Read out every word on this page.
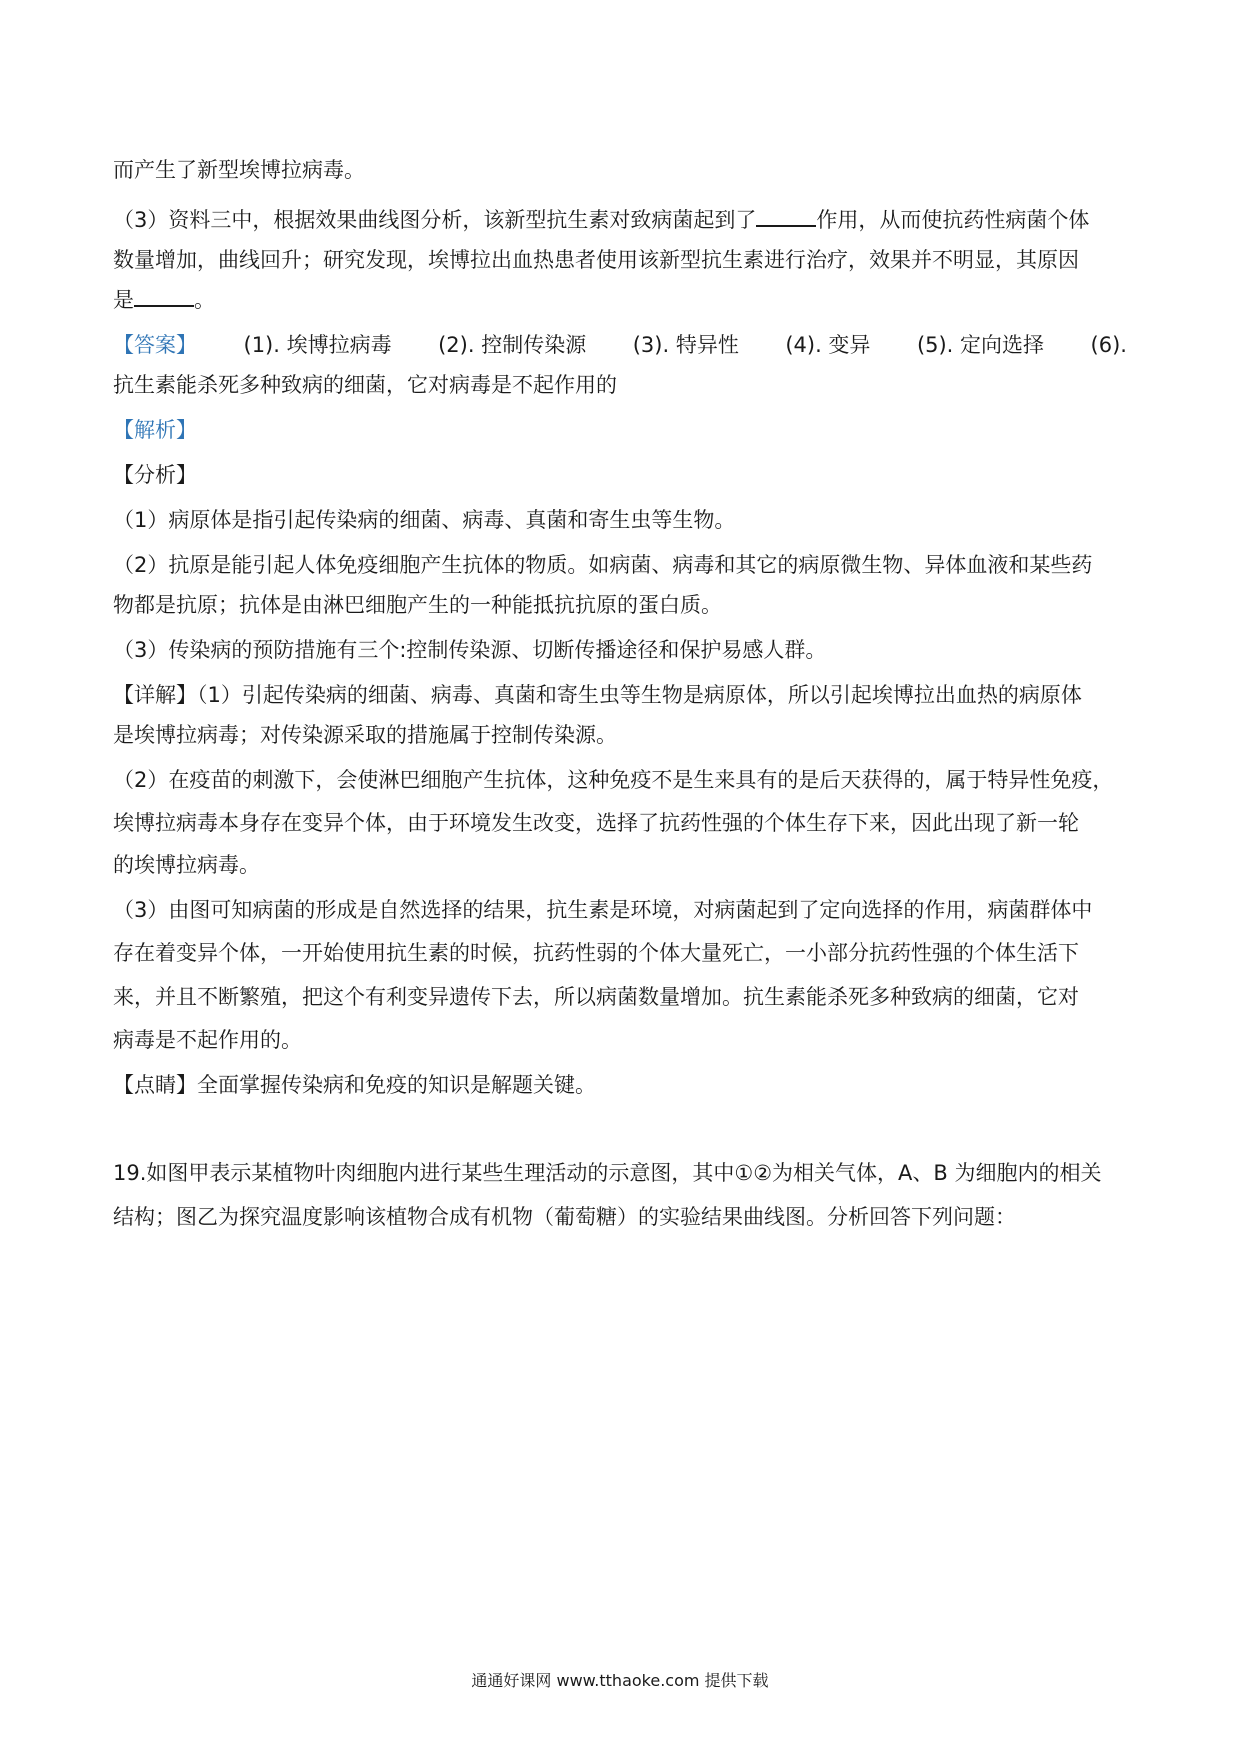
而产生了新型埃博拉病毒。
（3）资料三中，根据效果曲线图分析，该新型抗生素对致病菌起到了	作用，从而使抗药性病菌个体
数量增加，曲线回升；研究发现，埃博拉出血热患者使用该新型抗生素进行治疗，效果并不明显，其原因
是	。
【答案】 (1). 埃博拉病毒 (2). 控制传染源 (3). 特异性 (4). 变异 (5). 定向选择 (6).
抗生素能杀死多种致病的细菌，它对病毒是不起作用的
【解析】
【分析】
（1）病原体是指引起传染病的细菌、病毒、真菌和寄生虫等生物。
（2）抗原是能引起人体免疫细胞产生抗体的物质。如病菌、病毒和其它的病原微生物、异体血液和某些药
物都是抗原；抗体是由淋巴细胞产生的一种能抵抗抗原的蛋白质。
（3）传染病的预防措施有三个:控制传染源、切断传播途径和保护易感人群。
【详解】（1）引起传染病的细菌、病毒、真菌和寄生虫等生物是病原体，所以引起埃博拉出血热的病原体
是埃博拉病毒；对传染源采取的措施属于控制传染源。
（2）在疫苗的刺激下，会使淋巴细胞产生抗体，这种免疫不是生来具有的是后天获得的，属于特异性免疫，
埃博拉病毒本身存在变异个体，由于环境发生改变，选择了抗药性强的个体生存下来，因此出现了新一轮
的埃博拉病毒。
（3）由图可知病菌的形成是自然选择的结果，抗生素是环境，对病菌起到了定向选择的作用，病菌群体中
存在着变异个体，一开始使用抗生素的时候，抗药性弱的个体大量死亡，一小部分抗药性强的个体生活下
来，并且不断繁殖，把这个有利变异遗传下去，所以病菌数量增加。抗生素能杀死多种致病的细菌，它对
病毒是不起作用的。
【点睛】全面掌握传染病和免疫的知识是解题关键。
19.如图甲表示某植物叶肉细胞内进行某些生理活动的示意图，其中①②为相关气体，A、B 为细胞内的相关
结构；图乙为探究温度影响该植物合成有机物（葡萄糖）的实验结果曲线图。分析回答下列问题：
通通好课网 www.tthaoke.com 提供下载
